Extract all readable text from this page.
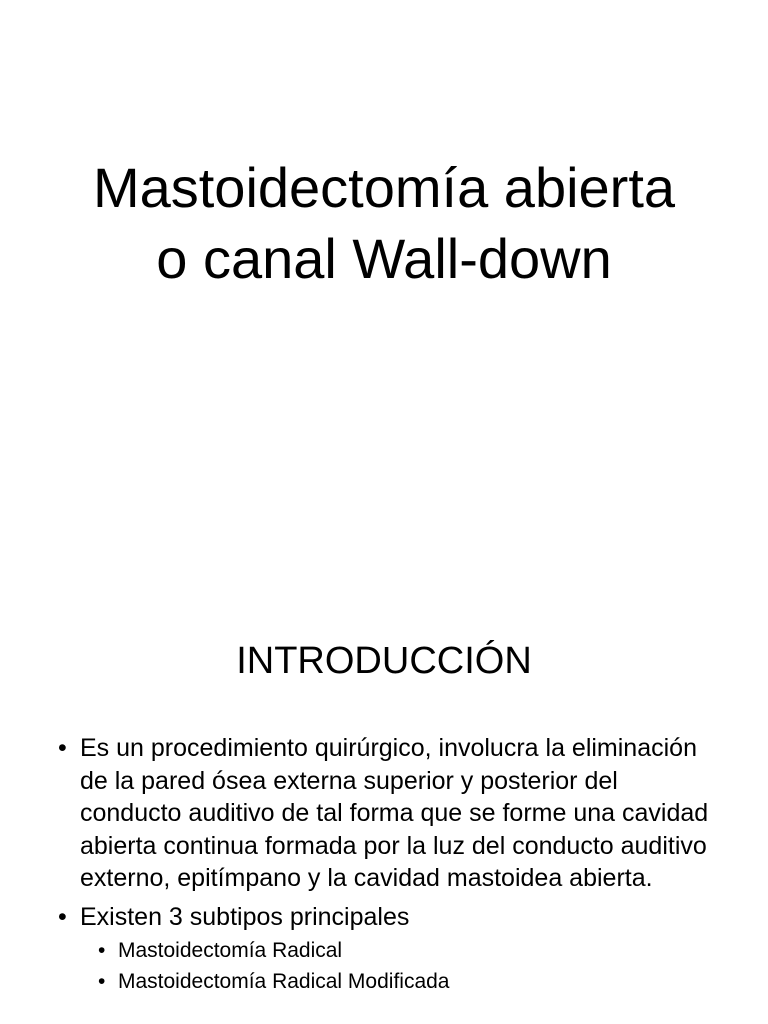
Mastoidectomía abierta
o canal Wall-down
INTRODUCCIÓN
• Es un procedimiento quirúrgico, involucra la eliminación de la pared ósea externa superior y posterior del conducto auditivo de tal forma que se forme una cavidad abierta continua formada por la luz del conducto auditivo externo, epitímpano y la cavidad mastoidea abierta.
• Existen 3 subtipos principales
• Mastoidectomía Radical
• Mastoidectomía Radical Modificada
